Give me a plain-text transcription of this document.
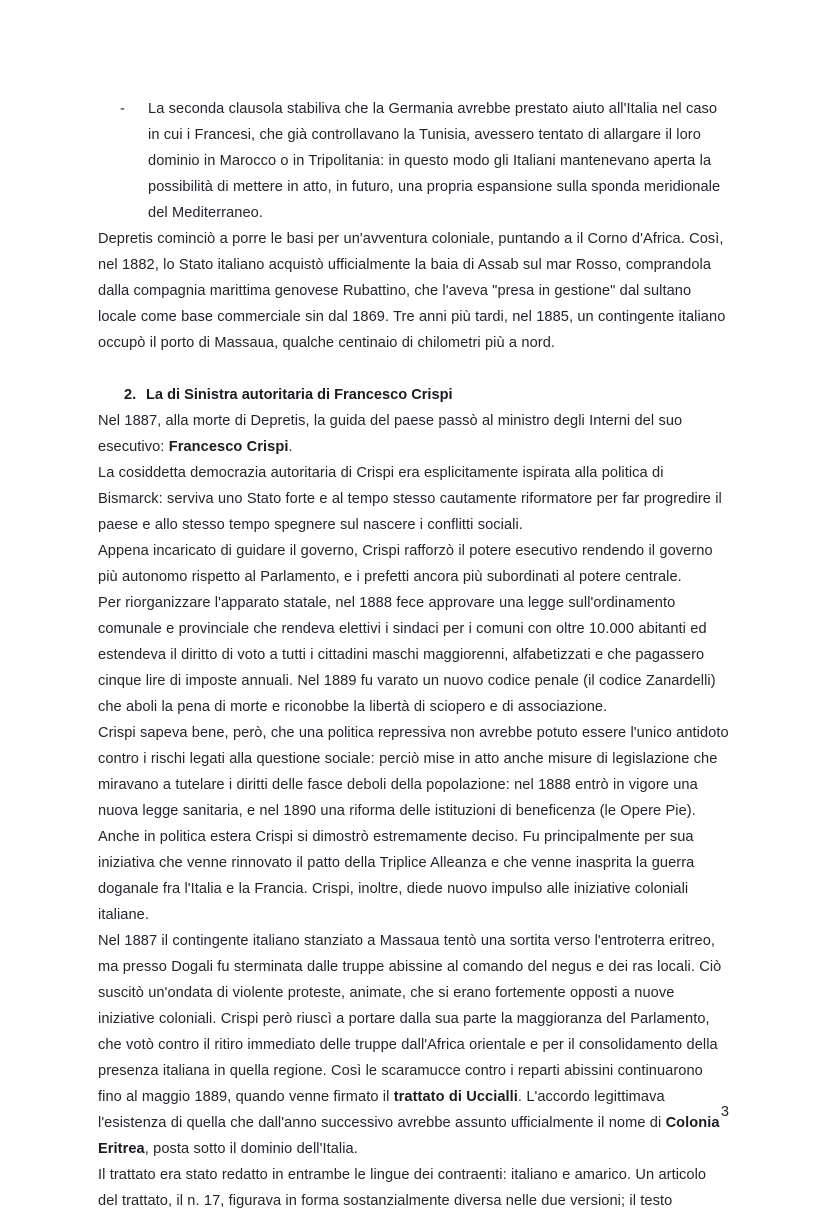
- La seconda clausola stabiliva che la Germania avrebbe prestato aiuto all'Italia nel caso in cui i Francesi, che già controllavano la Tunisia, avessero tentato di allargare il loro dominio in Marocco o in Tripolitania: in questo modo gli Italiani mantenevano aperta la possibilità di mettere in atto, in futuro, una propria espansione sulla sponda meridionale del Mediterraneo.

Depretis cominciò a porre le basi per un'avventura coloniale, puntando a il Corno d'Africa. Così, nel 1882, lo Stato italiano acquistò ufficialmente la baia di Assab sul mar Rosso, comprandola dalla compagnia marittima genovese Rubattino, che l'aveva "presa in gestione" dal sultano locale come base commerciale sin dal 1869. Tre anni più tardi, nel 1885, un contingente italiano occupò il porto di Massaua, qualche centinaio di chilometri più a nord.

2. La di Sinistra autoritaria di Francesco Crispi

Nel 1887, alla morte di Depretis, la guida del paese passò al ministro degli Interni del suo esecutivo: Francesco Crispi.

La cosiddetta democrazia autoritaria di Crispi era esplicitamente ispirata alla politica di Bismarck: serviva uno Stato forte e al tempo stesso cautamente riformatore per far progredire il paese e allo stesso tempo spegnere sul nascere i conflitti sociali.

Appena incaricato di guidare il governo, Crispi rafforzò il potere esecutivo rendendo il governo più autonomo rispetto al Parlamento, e i prefetti ancora più subordinati al potere centrale.

Per riorganizzare l'apparato statale, nel 1888 fece approvare una legge sull'ordinamento comunale e provinciale che rendeva elettivi i sindaci per i comuni con oltre 10.000 abitanti ed estendeva il diritto di voto a tutti i cittadini maschi maggiorenni, alfabetizzati e che pagassero cinque lire di imposte annuali. Nel 1889 fu varato un nuovo codice penale (il codice Zanardelli) che aboli la pena di morte e riconobbe la libertà di sciopero e di associazione.

Crispi sapeva bene, però, che una politica repressiva non avrebbe potuto essere l'unico antidoto contro i rischi legati alla questione sociale: perciò mise in atto anche misure di legislazione che miravano a tutelare i diritti delle fasce deboli della popolazione: nel 1888 entrò in vigore una nuova legge sanitaria, e nel 1890 una riforma delle istituzioni di beneficenza (le Opere Pie).

Anche in politica estera Crispi si dimostrò estremamente deciso. Fu principalmente per sua iniziativa che venne rinnovato il patto della Triplice Alleanza e che venne inasprita la guerra doganale fra l'Italia e la Francia. Crispi, inoltre, diede nuovo impulso alle iniziative coloniali italiane.

Nel 1887 il contingente italiano stanziato a Massaua tentò una sortita verso l'entroterra eritreo, ma presso Dogali fu sterminata dalle truppe abissine al comando del negus e dei ras locali. Ciò suscitò un'ondata di violente proteste, animate, che si erano fortemente opposti a nuove iniziative coloniali. Crispi però riuscì a portare dalla sua parte la maggioranza del Parlamento, che votò contro il ritiro immediato delle truppe dall'Africa orientale e per il consolidamento della presenza italiana in quella regione. Così le scaramucce contro i reparti abissini continuarono fino al maggio 1889, quando venne firmato il trattato di Uccialli. L'accordo legittimava l'esistenza di quella che dall'anno successivo avrebbe assunto ufficialmente il nome di Colonia Eritrea, posta sotto il dominio dell'Italia.

Il trattato era stato redatto in entrambe le lingue dei contraenti: italiano e amarico. Un articolo del trattato, il n. 17, figurava in forma sostanzialmente diversa nelle due versioni; il testo

3
